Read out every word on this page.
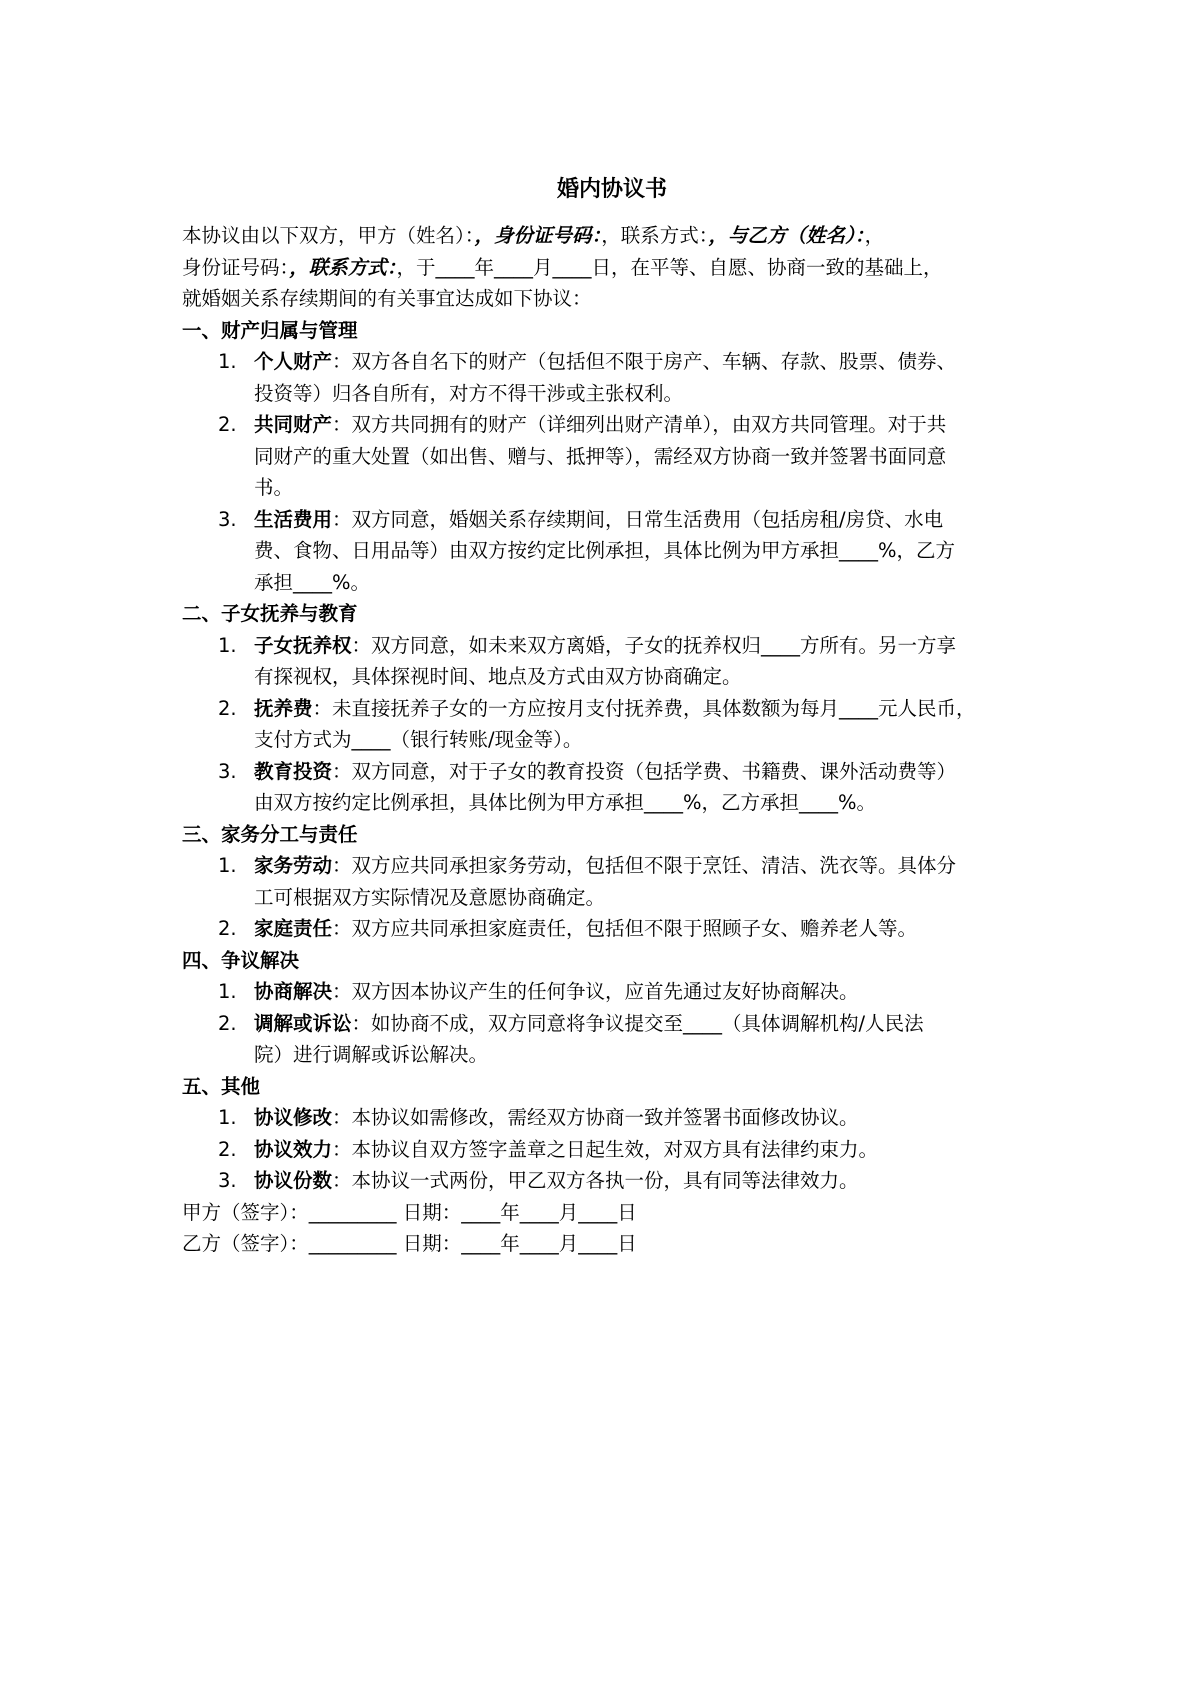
婚内协议书

本协议由以下双方，甲方（姓名）：，身份证号码：，联系方式：，与乙方（姓名）：，

身份证号码：，联系方式：，于____年____月____日，在平等、自愿、协商一致的基础上，

就婚姻关系存续期间的有关事宜达成如下协议：

一、财产归属与管理

1. 个人财产：双方各自名下的财产（包括但不限于房产、车辆、存款、股票、债券、
投资等）归各自所有，对方不得干涉或主张权利。
2. 共同财产：双方共同拥有的财产（详细列出财产清单），由双方共同管理。对于共
同财产的重大处置（如出售、赠与、抵押等），需经双方协商一致并签署书面同意
书。
3. 生活费用：双方同意，婚姻关系存续期间，日常生活费用（包括房租/房贷、水电
费、食物、日用品等）由双方按约定比例承担，具体比例为甲方承担____%，乙方
承担____%。

二、子女抚养与教育

1. 子女抚养权：双方同意，如未来双方离婚，子女的抚养权归____方所有。另一方享
有探视权，具体探视时间、地点及方式由双方协商确定。
2. 抚养费：未直接抚养子女的一方应按月支付抚养费，具体数额为每月____元人民币，
支付方式为____（银行转账/现金等）。
3. 教育投资：双方同意，对于子女的教育投资（包括学费、书籍费、课外活动费等）
由双方按约定比例承担，具体比例为甲方承担____%，乙方承担____%。

三、家务分工与责任

1. 家务劳动：双方应共同承担家务劳动，包括但不限于烹饪、清洁、洗衣等。具体分
工可根据双方实际情况及意愿协商确定。
2. 家庭责任：双方应共同承担家庭责任，包括但不限于照顾子女、赡养老人等。

四、争议解决

1. 协商解决：双方因本协议产生的任何争议，应首先通过友好协商解决。
2. 调解或诉讼：如协商不成，双方同意将争议提交至____（具体调解机构/人民法
院）进行调解或诉讼解决。

五、其他

1. 协议修改：本协议如需修改，需经双方协商一致并签署书面修改协议。
2. 协议效力：本协议自双方签字盖章之日起生效，对双方具有法律约束力。
3. 协议份数：本协议一式两份，甲乙双方各执一份，具有同等法律效力。

甲方（签字）：_________ 日期：____年____月____日

乙方（签字）：_________ 日期：____年____月____日
